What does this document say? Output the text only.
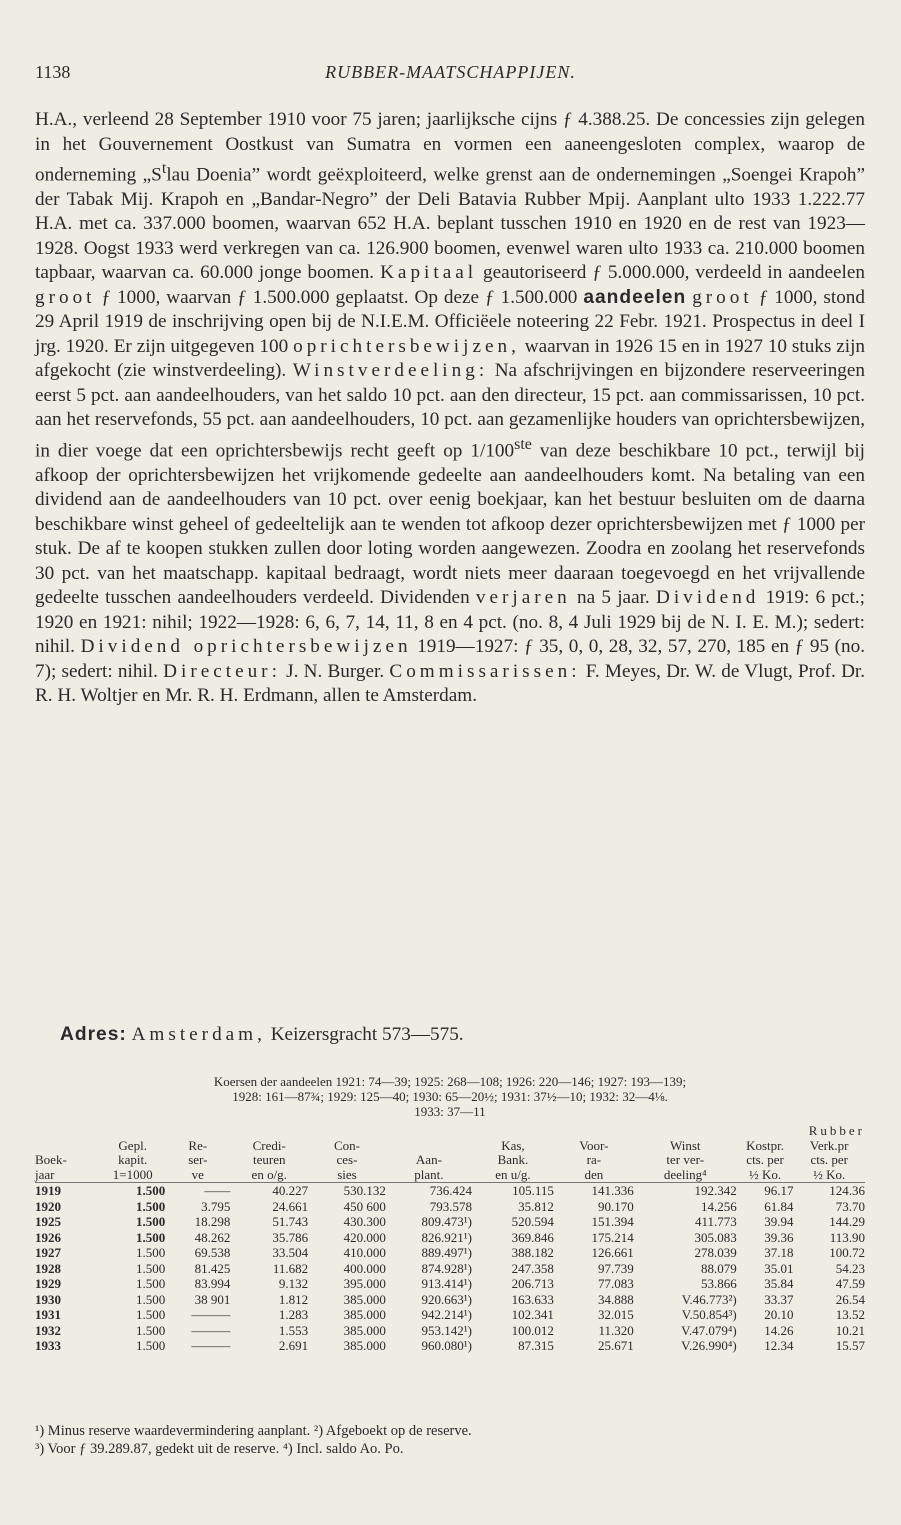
1138	RUBBER-MAATSCHAPPIJEN.

H.A., verleend 28 September 1910 voor 75 jaren; jaarlijksche cijns ƒ 4.388.25. De concessies zijn gelegen in het Gouvernement Oostkust van Sumatra en vormen een aaneengesloten complex, waarop de onderneming $„S^tlau$ Doenia” wordt geëxploiteerd, welke grenst aan de ondernemingen „Soengei Krapoh” der Tabak Mij. Krapoh en „Bandar-Negro” der Deli Batavia Rubber Mpij. Aanplant ulto 1933 1.222.77 H.A. met ca. 337.000 boomen, waarvan 652 H.A. beplant tusschen 1910 en 1920 en de rest van 1923—1928. Oogst 1933 werd verkregen van ca. 126.900 boomen, evenwel waren ulto 1933 ca. 210.000 boomen tapbaar, waarvan ca. 60.000 jonge boomen. Kapitaal geautoriseerd ƒ 5.000.000, verdeeld in aandeelen groot ƒ 1000, waarvan ƒ 1.500.000 geplaatst. Op deze ƒ 1.500.000 aandeelen groot ƒ 1000, stond 29 April 1919 de inschrijving open bij de N.I.E.M. Officiëele noteering 22 Febr. 1921. Prospectus in deel I jrg. 1920. Er zijn uitgegeven 100 oprichtersbewijzen, waarvan in 1926 15 en in 1927 10 stuks zijn afgekocht (zie winstverdeeling). Winstverdeeling: Na afschrijvingen en bijzondere reserveeringen eerst 5 pct. aan aandeelhouders, van het saldo 10 pct. aan den directeur, 15 pct. aan commissarissen, 10 pct. aan het reservefonds, 55 pct. aan aandeelhouders, 10 pct. aan gezamenlijke houders van oprichtersbewijzen, in dier voege dat een oprichtersbewijs recht geeft op 1/100ste van deze beschikbare 10 pct., terwijl bij afkoop der oprichtersbewijzen het vrijkomende gedeelte aan aandeelhouders komt. Na betaling van een dividend aan de aandeelhouders van 10 pct. over eenig boekjaar, kan het bestuur besluiten om de daarna beschikbare winst geheel of gedeeltelijk aan te wenden tot afkoop dezer oprichtersbewijzen met ƒ 1000 per stuk. De af te koopen stukken zullen door loting worden aangewezen. Zoodra en zoolang het reservefonds 30 pct. van het maatschapp. kapitaal bedraagt, wordt niets meer daaraan toegevoegd en het vrijvallende gedeelte tusschen aandeelhouders verdeeld. Dividenden verjaren na 5 jaar. Dividend 1919: 6 pct.; 1920 en 1921: nihil; 1922—1928: 6, 6, 7, 14, 11, 8 en 4 pct. (no. 8, 4 Juli 1929 bij de N. I. E. M.); sedert: nihil. Dividend oprichtersbewijzen 1919—1927: ƒ 35, 0, 0, 28, 32, 57, 270, 185 en ƒ 95 (no. 7); sedert: nihil. Directeur: J. N. Burger. Commissarissen: F. Meyes, Dr. W. de Vlugt, Prof. Dr. R. H. Woltjer en Mr. R. H. Erdmann, allen te Amsterdam.

Adres: Amsterdam, Keizersgracht 573—575.
Koersen der aandeelen 1921: 74—39; 1925: 268—108; 1926: 220—146; 1927: 193—139;
1928: 161—87¾; 1929: 125—40; 1930: 65—20½; 1931: 37½—10; 1932: 32—4⅛.
1933: 37—11
Rubber										
	Gepl.	Re-	Credi-	Con-		Kas,	Voor-	Winst	Kostpr.	Verk.pr
Boek-	kapit.	ser-	teuren	ces-	Aan-	Bank.	ra-	ter ver-	cts. per	cts. per
jaar	1=1000	ve	en o/g.	sies	plant.	en u/g.	den	deeling⁴	½ Ko.	½ Ko.
1919	1.500	——	40.227	530.132	736.424	105.115	141.336	192.342	96.17	124.36
1920	1.500	3.795	24.661	450 600	793.578	35.812	90.170	14.256	61.84	73.70
1925	1.500	18.298	51.743	430.300	809.473¹)	520.594	151.394	411.773	39.94	144.29
1926	1.500	48.262	35.786	420.000	826.921¹)	369.846	175.214	305.083	39.36	113.90
1927	1.500	69.538	33.504	410.000	889.497¹)	388.182	126.661	278.039	37.18	100.72
1928	1.500	81.425	11.682	400.000	874.928¹)	247.358	97.739	88.079	35.01	54.23
1929	1.500	83.994	9.132	395.000	913.414¹)	206.713	77.083	53.866	35.84	47.59
1930	1.500	38 901	1.812	385.000	920.663¹)	163.633	34.888	V.46.773²)	33.37	26.54
1931	1.500	———	1.283	385.000	942.214¹)	102.341	32.015	V.50.854³)	20.10	13.52
1932	1.500	———	1.553	385.000	953.142¹)	100.012	11.320	V.47.079⁴)	14.26	10.21
1933	1.500	———	2.691	385.000	960.080¹)	87.315	25.671	V.26.990⁴)	12.34	15.57

¹) Minus reserve waardevermindering aanplant. ²) Afgeboekt op de reserve.

³) Voor ƒ 39.289.87, gedekt uit de reserve. ⁴) Incl. saldo Ao. Po.
